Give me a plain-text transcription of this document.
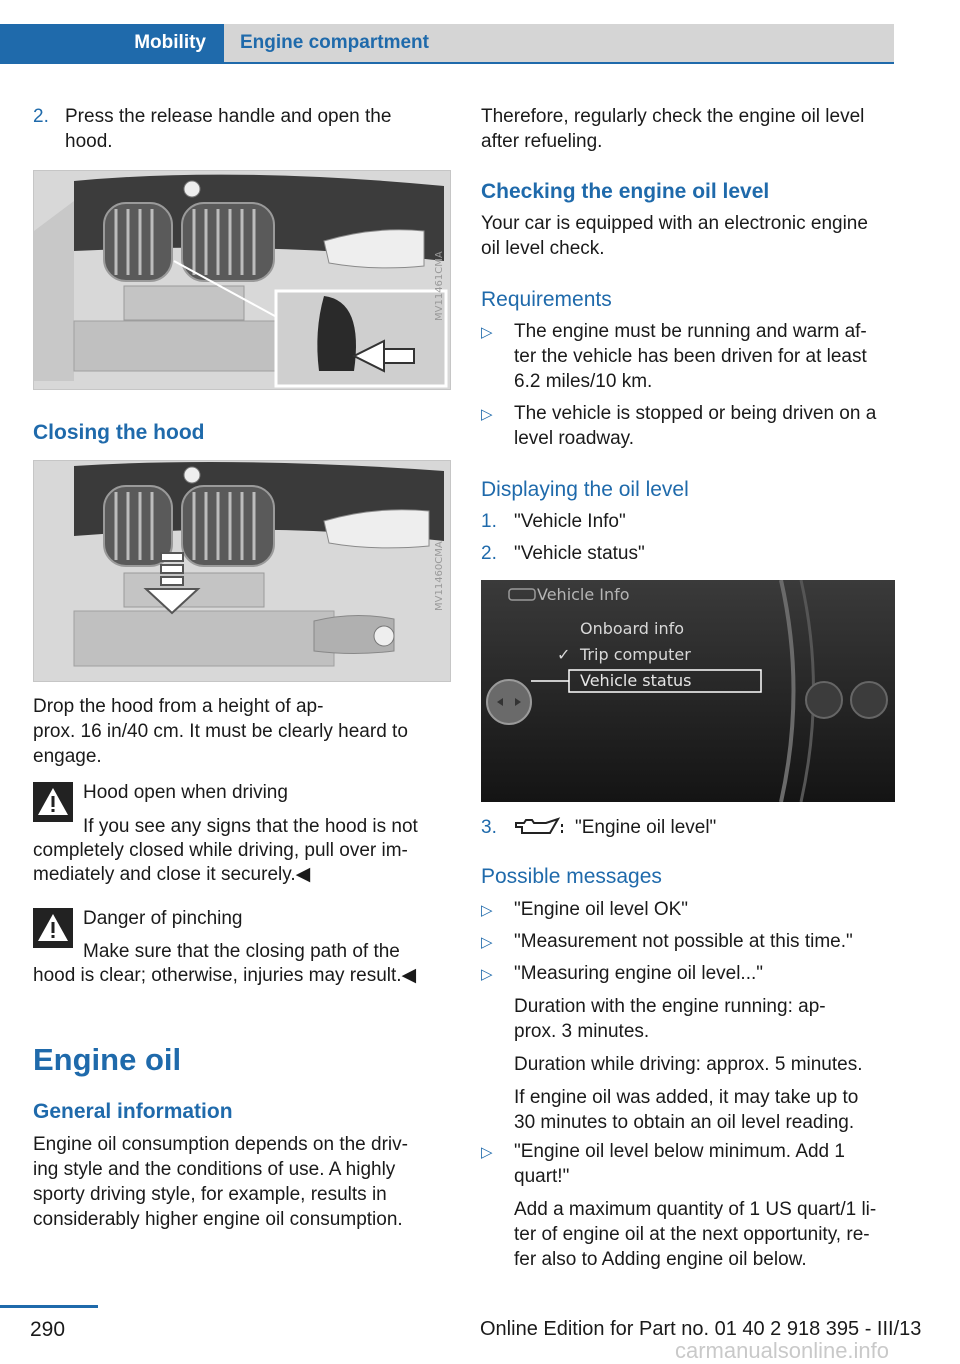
Mobility	Engine compartment
2. Press the release handle and open the
hood.
MV11461CMA
Closing the hood
MV11460CMA
Drop the hood from a height of ap‐
prox. 16 in/40 cm. It must be clearly heard to
engage.
Hood open when driving
If you see any signs that the hood is not
completely closed while driving, pull over im‐
mediately and close it securely.◀
Danger of pinching
Make sure that the closing path of the
hood is clear; otherwise, injuries may result.◀
Engine oil
General information
Engine oil consumption depends on the driv‐
ing style and the conditions of use. A highly
sporty driving style, for example, results in
considerably higher engine oil consumption.
Therefore, regularly check the engine oil level
after refueling.
Checking the engine oil level
Your car is equipped with an electronic engine
oil level check.
Requirements
▷ The engine must be running and warm af‐
ter the vehicle has been driven for at least
6.2 miles/10 km.
▷ The vehicle is stopped or being driven on a
level roadway.
Displaying the oil level
1. "Vehicle Info"
2. "Vehicle status"
Vehicle Info
Onboard info
✓ Trip computer
Vehicle status
3.	"Engine oil level"
Possible messages
▷	"Engine oil level OK"
▷	"Measurement not possible at this time."
▷ "Measuring engine oil level..."
Duration with the engine running: ap‐
prox. 3 minutes.
Duration while driving: approx. 5 minutes.
If engine oil was added, it may take up to
30 minutes to obtain an oil level reading.
▷ "Engine oil level below minimum. Add 1
quart!"
Add a maximum quantity of 1 US quart/1 li‐
ter of engine oil at the next opportunity, re‐
fer also to Adding engine oil below.
290	Online Edition for Part no. 01 40 2 918 395 - III/13
carmanualsonline.info
